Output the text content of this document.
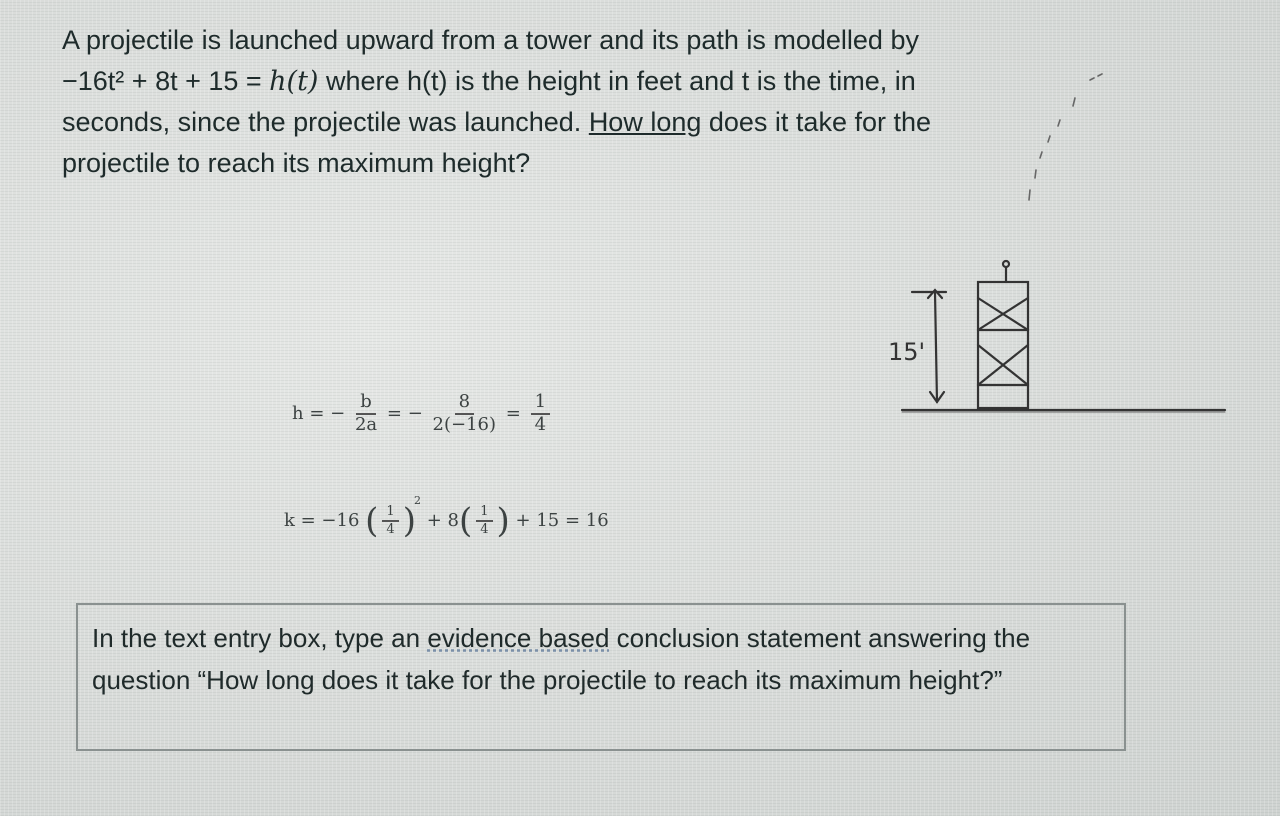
A projectile is launched upward from a tower and its path is modelled by
−16t² + 8t + 15 = h(t) where h(t) is the height in feet and t is the time, in
seconds, since the projectile was launched. How long does it take for the
projectile to reach its maximum height?
15'
h = − $\frac{b}{2a}$ = − $\frac{8}{2(-16)} = \frac{1}{4}$
k = −16 ( $\frac{1}{4} )^2 + 8( \frac{1}{4}$ ) + 15 = 16
In the text entry box, type an evidence based conclusion statement answering the question “How long does it take for the projectile to reach its maximum height?”
